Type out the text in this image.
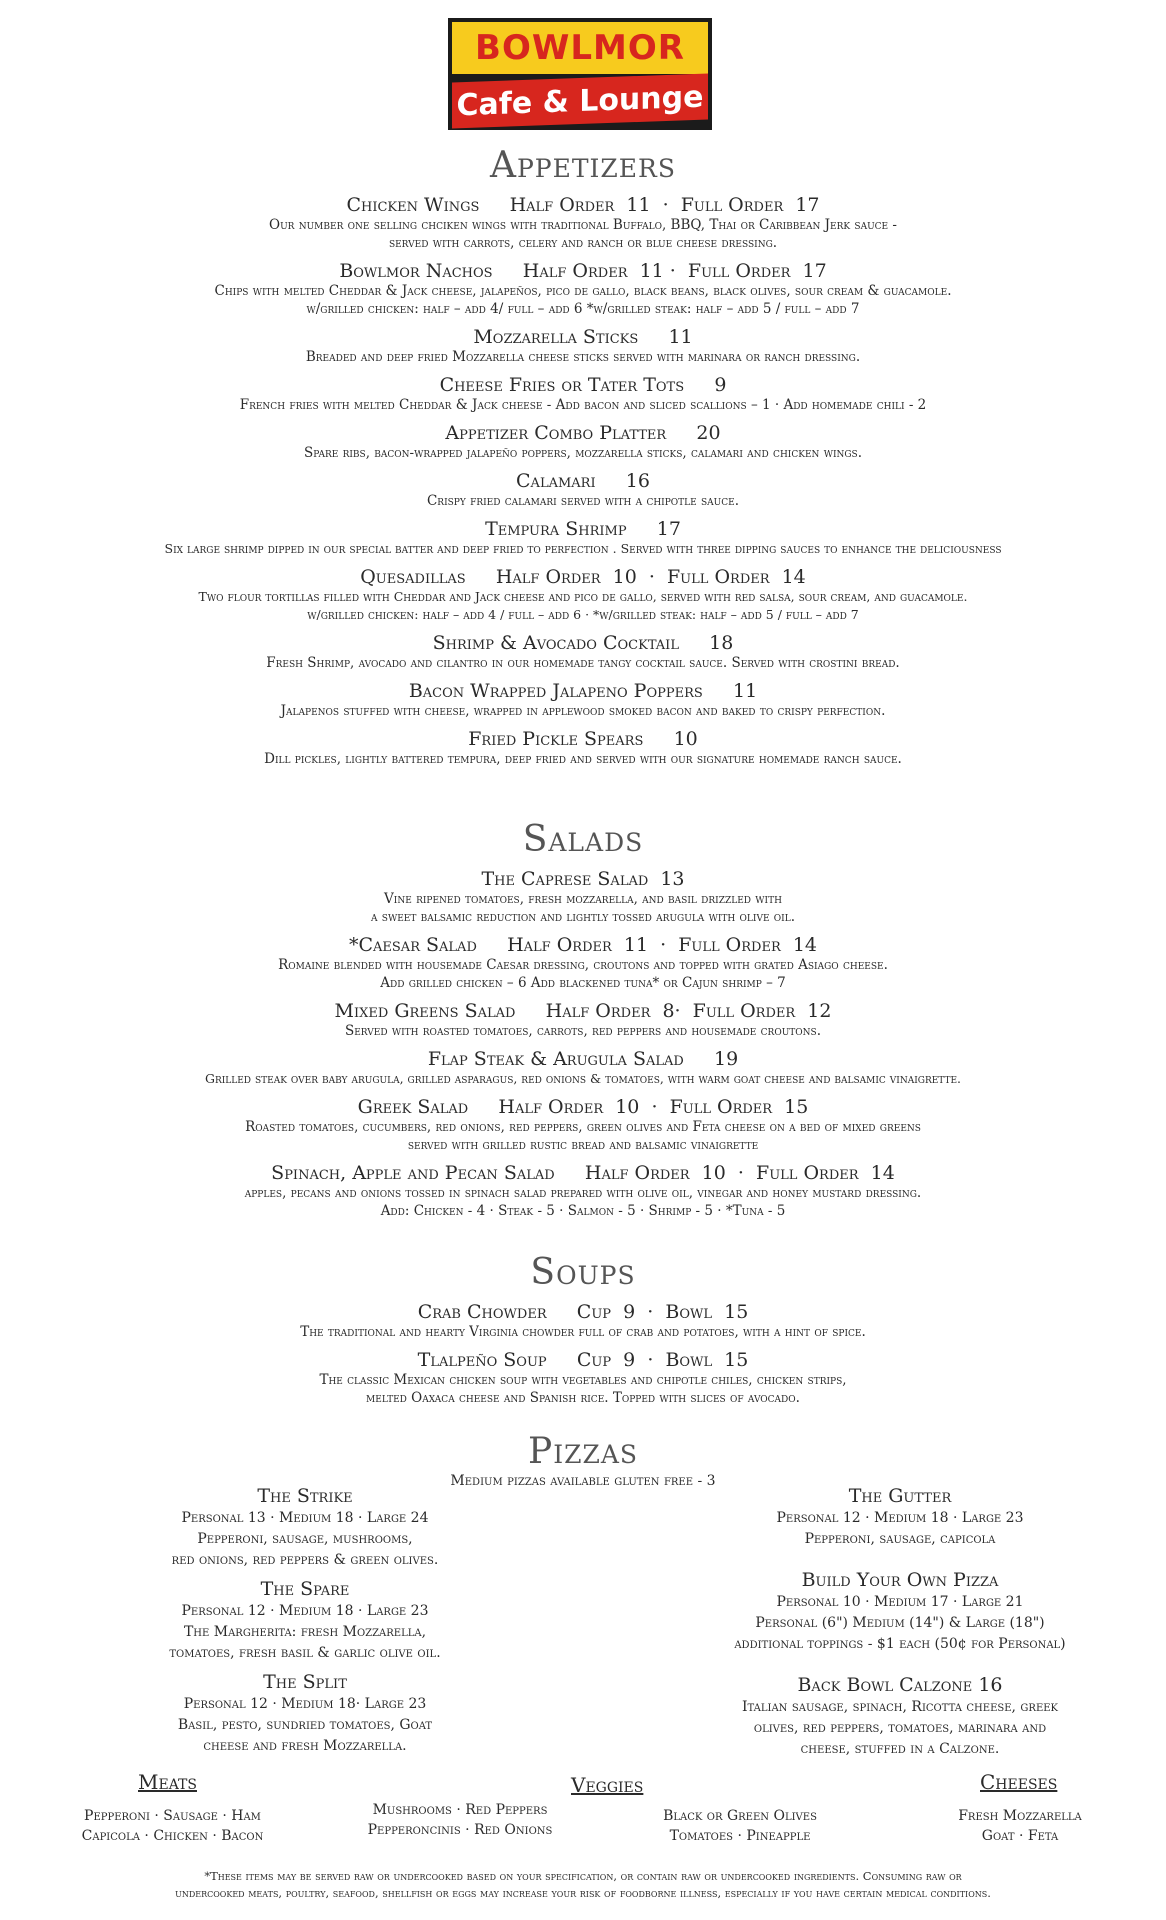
BOWLMOR
Cafe & Lounge
Appetizers
Chicken Wings     Half Order  11  ·  Full Order  17
Our number one selling chciken wings with traditional Buffalo, BBQ, Thai or Caribbean Jerk sauce -
served with carrots, celery and ranch or blue cheese dressing.
Bowlmor Nachos     Half Order  11 ·  Full Order  17
Chips with melted Cheddar & Jack cheese, jalapeños, pico de gallo, black beans, black olives, sour cream & guacamole.
w/grilled chicken: half – add 4/ full – add 6 *w/grilled steak: half – add 5 / full – add 7
Mozzarella Sticks     11
Breaded and deep fried Mozzarella cheese sticks served with marinara or ranch dressing.
Cheese Fries or Tater Tots     9
French fries with melted Cheddar & Jack cheese - Add bacon and sliced scallions – 1 · Add homemade chili - 2
Appetizer Combo Platter     20
Spare ribs, bacon-wrapped jalapeño poppers, mozzarella sticks, calamari and chicken wings.
Calamari     16
Crispy fried calamari served with a chipotle sauce.
Tempura Shrimp     17
Six large shrimp dipped in our special batter and deep fried to perfection . Served with three dipping sauces to enhance the deliciousness
Quesadillas     Half Order  10  ·  Full Order  14
Two flour tortillas filled with Cheddar and Jack cheese and pico de gallo, served with red salsa, sour cream, and guacamole.
w/grilled chicken: half – add 4 / full – add 6 · *w/grilled steak: half – add 5 / full – add 7
Shrimp & Avocado Cocktail     18
Fresh Shrimp, avocado and cilantro in our homemade tangy cocktail sauce. Served with crostini bread.
Bacon Wrapped Jalapeno Poppers     11
Jalapenos stuffed with cheese, wrapped in applewood smoked bacon and baked to crispy perfection.
Fried Pickle Spears     10
Dill pickles, lightly battered tempura, deep fried and served with our signature homemade ranch sauce.
Salads
The Caprese Salad  13
Vine ripened tomatoes, fresh mozzarella, and basil drizzled with
a sweet balsamic reduction and lightly tossed arugula with olive oil.
*Caesar Salad     Half Order  11  ·  Full Order  14
Romaine blended with housemade Caesar dressing, croutons and topped with grated Asiago cheese.
Add grilled chicken – 6 Add blackened tuna* or Cajun shrimp – 7
Mixed Greens Salad     Half Order  8·  Full Order  12
Served with roasted tomatoes, carrots, red peppers and housemade croutons.
Flap Steak & Arugula Salad     19
Grilled steak over baby arugula, grilled asparagus, red onions & tomatoes, with warm goat cheese and balsamic vinaigrette.
Greek Salad     Half Order  10  ·  Full Order  15
Roasted tomatoes, cucumbers, red onions, red peppers, green olives and Feta cheese on a bed of mixed greens
served with grilled rustic bread and balsamic vinaigrette
Spinach, Apple and Pecan Salad     Half Order  10  ·  Full Order  14
apples, pecans and onions tossed in spinach salad prepared with olive oil, vinegar and honey mustard dressing.
Add: Chicken - 4 · Steak - 5 · Salmon - 5 · Shrimp - 5 · *Tuna - 5
Soups
Crab Chowder     Cup  9  ·  Bowl  15
The traditional and hearty Virginia chowder full of crab and potatoes, with a hint of spice.
Tlalpeño Soup     Cup  9  ·  Bowl  15
The classic Mexican chicken soup with vegetables and chipotle chiles, chicken strips,
melted Oaxaca cheese and Spanish rice. Topped with slices of avocado.
Pizzas
Medium pizzas available gluten free - 3
The Strike
Personal 13 · Medium 18 · Large 24
Pepperoni, sausage, mushrooms,
red onions, red peppers & green olives.
The Spare
Personal 12 · Medium 18 · Large 23
The Margherita: fresh Mozzarella,
tomatoes, fresh basil & garlic olive oil.
The Split
Personal 12 · Medium 18· Large 23
Basil, pesto, sundried tomatoes, Goat
cheese and fresh Mozzarella.
The Gutter
Personal 12 · Medium 18 · Large 23
Pepperoni, sausage, capicola
Build Your Own Pizza
Personal 10 · Medium 17 · Large 21
Personal (6") Medium (14") & Large (18")
additional toppings - $1 each (50¢ for Personal)
Back Bowl Calzone 16
Italian sausage, spinach, Ricotta cheese, greek
olives, red peppers, tomatoes, marinara and
cheese, stuffed in a Calzone.
Meats
Pepperoni · Sausage · Ham
Capicola · Chicken · Bacon
Veggies
Mushrooms · Red Peppers
Pepperoncinis · Red Onions
Black or Green Olives
Tomatoes · Pineapple
Cheeses
Fresh Mozzarella
Goat · Feta
*These items may be served raw or undercooked based on your specification, or contain raw or undercooked ingredients. Consuming raw or
undercooked meats, poultry, seafood, shellfish or eggs may increase your risk of foodborne illness, especially if you have certain medical conditions.
